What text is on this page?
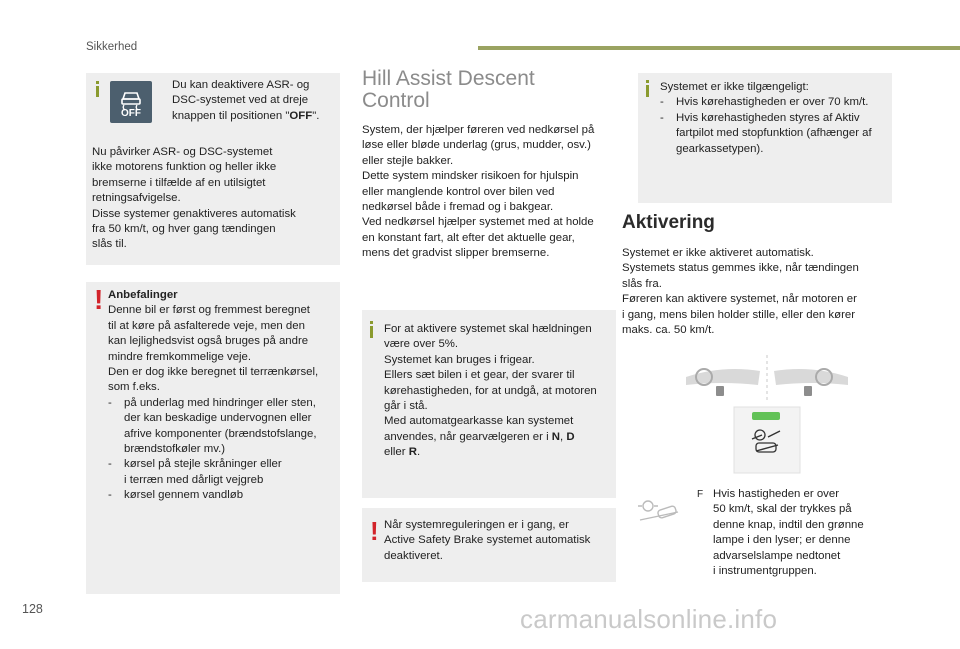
Sikkerhed
OFF

Du kan deaktivere ASR- og

DSC-systemet ved at dreje

knappen til positionen "OFF".

Nu påvirker ASR- og DSC-systemet

ikke motorens funktion og heller ikke

bremserne i tilfælde af en utilsigtet

retningsafvigelse.

Disse systemer genaktiveres automatisk

fra 50 km/t, og hver gang tændingen

slås til.

! Anbefalinger

Denne bil er først og fremmest beregnet

til at køre på asfalterede veje, men den

kan lejlighedsvist også bruges på andre

mindre fremkommelige veje.

Den er dog ikke beregnet til terrænkørsel,

som f.eks.

-	på underlag med hindringer eller sten,

der kan beskadige undervognen eller

afrive komponenter (brændstofslange,

brændstofkøler mv.)

-	kørsel på stejle skråninger eller

i terræn med dårligt vejgreb

-	kørsel gennem vandløb

Hill Assist Descent
Control

System, der hjælper føreren ved nedkørsel på

løse eller bløde underlag (grus, mudder, osv.)

eller stejle bakker.

Dette system mindsker risikoen for hjulspin

eller manglende kontrol over bilen ved

nedkørsel både i fremad og i bakgear.

Ved nedkørsel hjælper systemet med at holde

en konstant fart, alt efter det aktuelle gear,

mens det gradvist slipper bremserne.

For at aktivere systemet skal hældningen

være over 5%.

Systemet kan bruges i frigear.

Ellers sæt bilen i et gear, der svarer til

kørehastigheden, for at undgå, at motoren

går i stå.

Med automatgearkasse kan systemet

anvendes, når gearvælgeren er i N, D

eller R.

! Når systemreguleringen er i gang, er

Active Safety Brake systemet automatisk

deaktiveret.

Systemet er ikke tilgængeligt:

-	Hvis kørehastigheden er over 70 km/t.

-	Hvis kørehastigheden styres af Aktiv

fartpilot med stopfunktion (afhænger af

gearkassetypen).

Aktivering

Systemet er ikke aktiveret automatisk.

Systemets status gemmes ikke, når tændingen

slås fra.

Føreren kan aktivere systemet, når motoren er

i gang, mens bilen holder stille, eller den kører

maks. ca. 50 km/t.

F Hvis hastigheden er over

50 km/t, skal der trykkes på

denne knap, indtil den grønne

lampe i den lyser; er denne

advarselslampe nedtonet

i instrumentgruppen.

128	carmanualsonline.info
